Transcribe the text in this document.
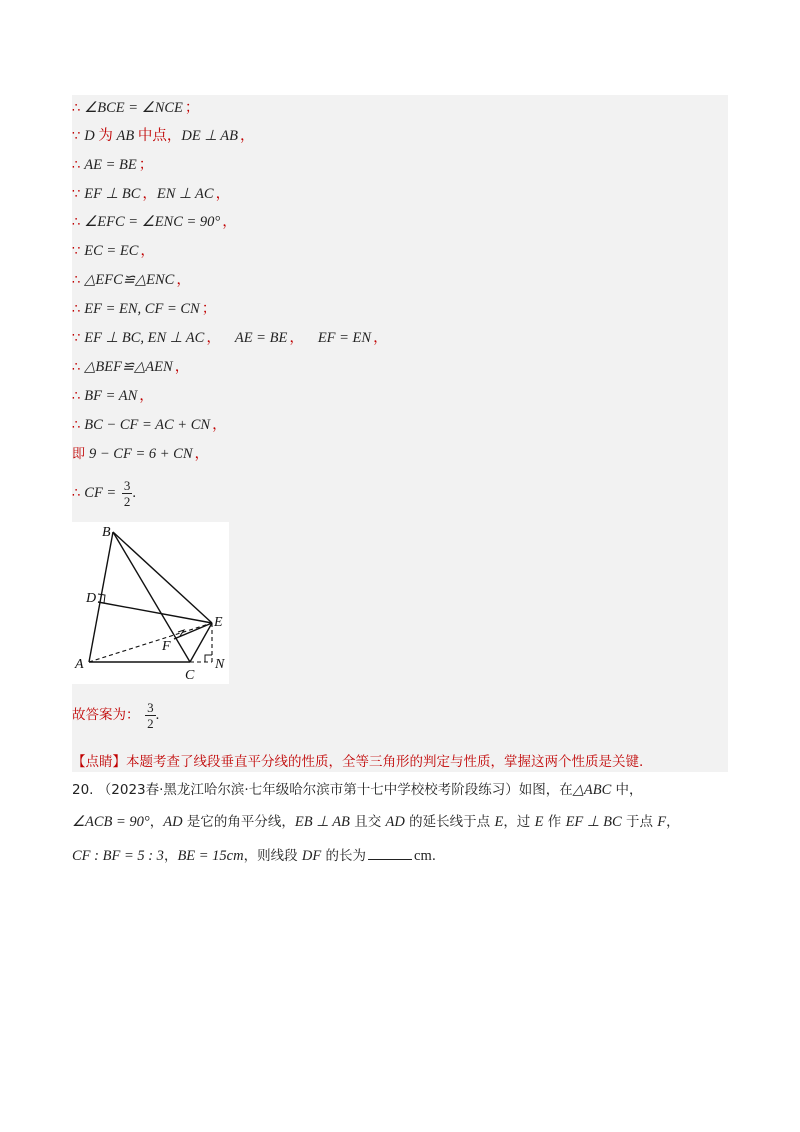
∴ ∠BCE = ∠NCE ；
∵ D 为 AB 中点，DE ⊥ AB ，
∴ AE = BE ；
∵ EF ⊥ BC ，EN ⊥ AC ，
∴ ∠EFC = ∠ENC = 90° ，
∵ EC = EC ，
∴ △EFC≌△ENC ，
∴ EF = EN, CF = CN ；
∵ EF ⊥ BC, EN ⊥ AC ， AE = BE ， EF = EN ，
∴ △BEF≌△AEN ，
∴ BF = AN ，
∴ BC − CF = AC + CN ，
即 9 − CF = 6 + CN ，
∴ CF = $\frac{3}{2}$ .
B
D
E
F
A
C
N
故答案为： $\frac{3}{2}$ .
【点睛】本题考查了线段垂直平分线的性质，全等三角形的判定与性质，掌握这两个性质是关键.
20. （2023春·黑龙江哈尔滨·七年级哈尔滨市第十七中学校校考阶段练习）如图，在△ABC 中，
∠ACB = 90°，AD 是它的角平分线，EB ⊥ AB 且交 AD 的延长线于点 E，过 E 作 EF ⊥ BC 于点 F，
CF : BF = 5 : 3，BE = 15cm，则线段 DF 的长为	cm.
